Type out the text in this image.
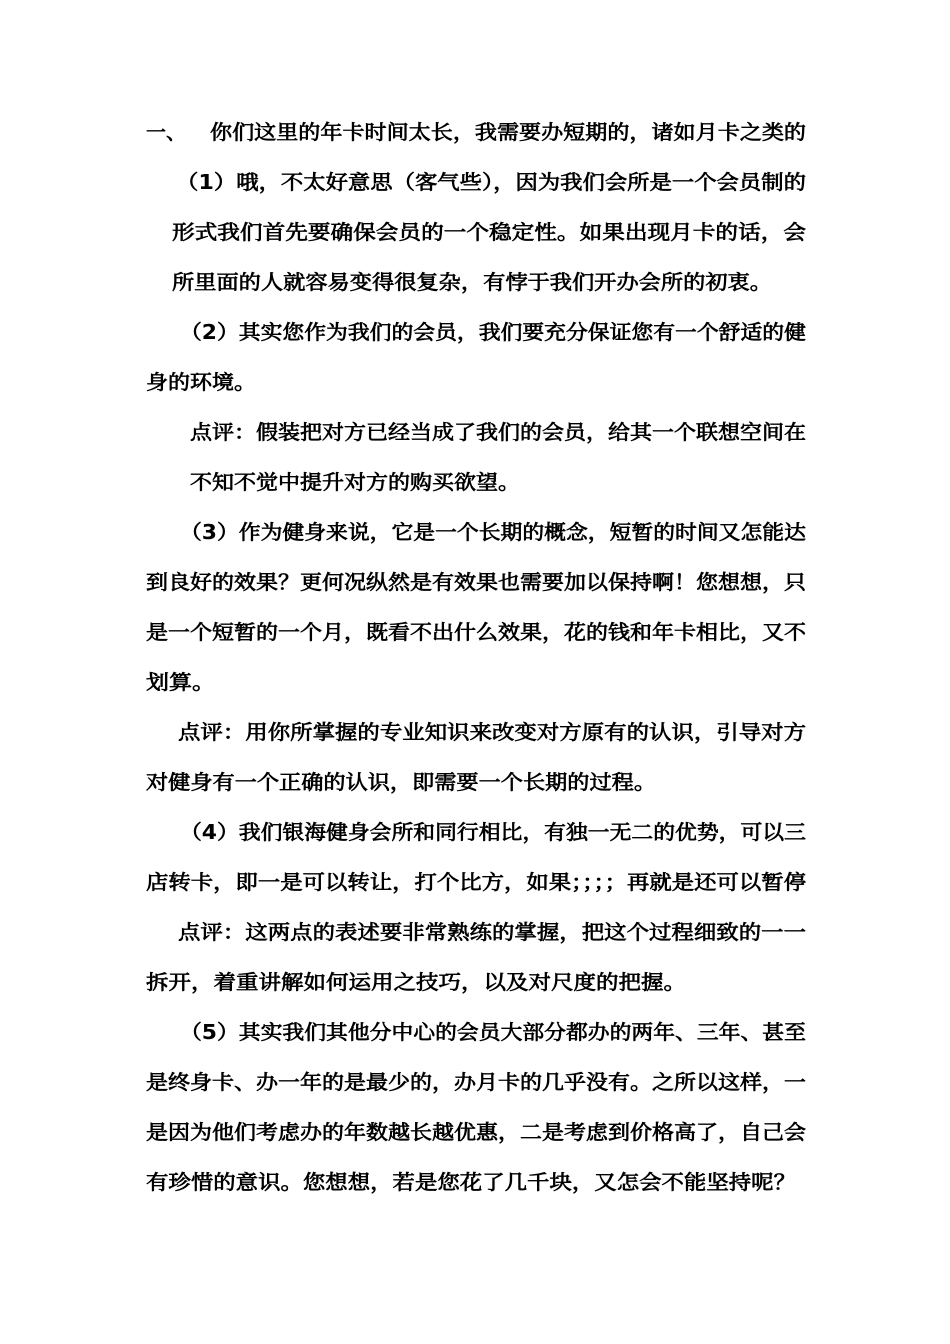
一、 你们这里的年卡时间太长，我需要办短期的，诸如月卡之类的
（1）哦，不太好意思（客气些），因为我们会所是一个会员制的
形式我们首先要确保会员的一个稳定性。如果出现月卡的话，会
所里面的人就容易变得很复杂，有悖于我们开办会所的初衷。
（2）其实您作为我们的会员，我们要充分保证您有一个舒适的健
身的环境。
点评：假装把对方已经当成了我们的会员，给其一个联想空间在
不知不觉中提升对方的购买欲望。
（3）作为健身来说，它是一个长期的概念，短暂的时间又怎能达
到良好的效果？更何况纵然是有效果也需要加以保持啊！您想想，只
是一个短暂的一个月，既看不出什么效果，花的钱和年卡相比，又不
划算。
点评：用你所掌握的专业知识来改变对方原有的认识，引导对方
对健身有一个正确的认识，即需要一个长期的过程。
（4）我们银海健身会所和同行相比，有独一无二的优势，可以三
店转卡，即一是可以转让，打个比方，如果；；；；再就是还可以暂停
点评：这两点的表述要非常熟练的掌握，把这个过程细致的一一
拆开，着重讲解如何运用之技巧，以及对尺度的把握。
（5）其实我们其他分中心的会员大部分都办的两年、三年、甚至
是终身卡、办一年的是最少的，办月卡的几乎没有。之所以这样，一
是因为他们考虑办的年数越长越优惠，二是考虑到价格高了，自己会
有珍惜的意识。您想想，若是您花了几千块，又怎会不能坚持呢？
